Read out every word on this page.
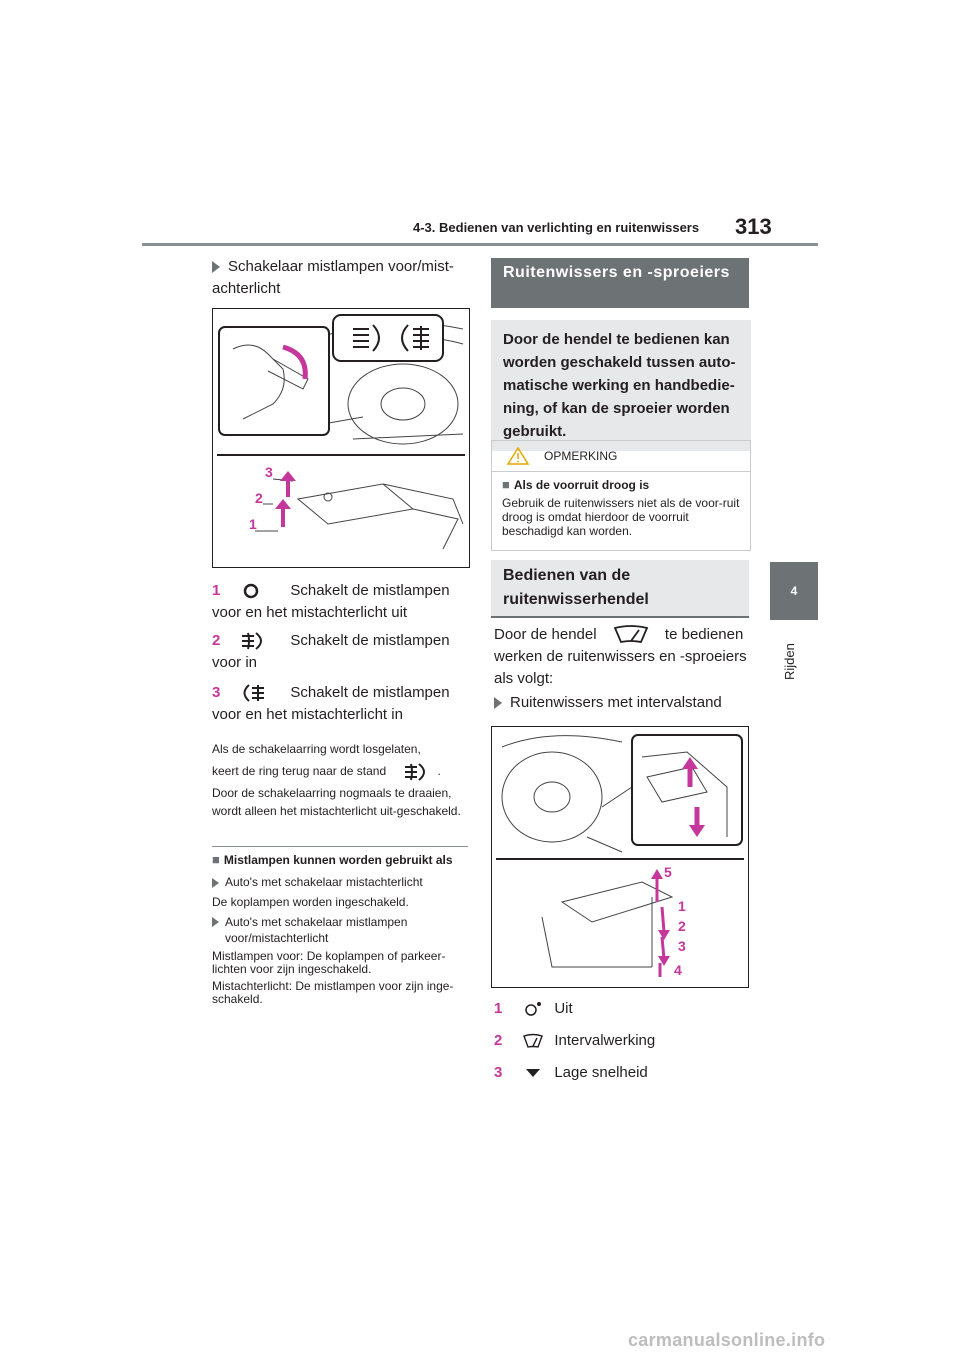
4-3. Bedienen van verlichting en ruitenwissers 313
4
Rijden
Schakelaar mistlampen voor/mist-achterlicht
3
2
1
1	Schakelt de mistlampen voor en het mistachterlicht uit
2	Schakelt de mistlampen voor in
3	Schakelt de mistlampen voor en het mistachterlicht in
Als de schakelaarring wordt losgelaten,
keert de ring terug naar de stand	.
Door de schakelaarring nogmaals te draaien, wordt alleen het mistachterlicht uit-geschakeld.
■ Mistlampen kunnen worden gebruikt als
Auto's met schakelaar mistachterlicht
De koplampen worden ingeschakeld.
Auto's met schakelaar mistlampen voor/mistachterlicht
Mistlampen voor: De koplampen of parkeer-lichten voor zijn ingeschakeld.
Mistachterlicht: De mistlampen voor zijn inge-schakeld.
Ruitenwissers en -sproeiers
Door de hendel te bedienen kan worden geschakeld tussen auto-matische werking en handbedie-ning, of kan de sproeier worden gebruikt.
OPMERKING
■ Als de voorruit droog is
Gebruik de ruitenwissers niet als de voor-ruit droog is omdat hierdoor de voorruit beschadigd kan worden.
Bedienen van de ruitenwisserhendel
Door de hendel	te bedienen werken de ruitenwissers en -sproeiers als volgt:
Ruitenwissers met intervalstand
5
1
2
3
4
1	Uit
2	Intervalwerking
3	Lage snelheid
carmanualsonline.info
